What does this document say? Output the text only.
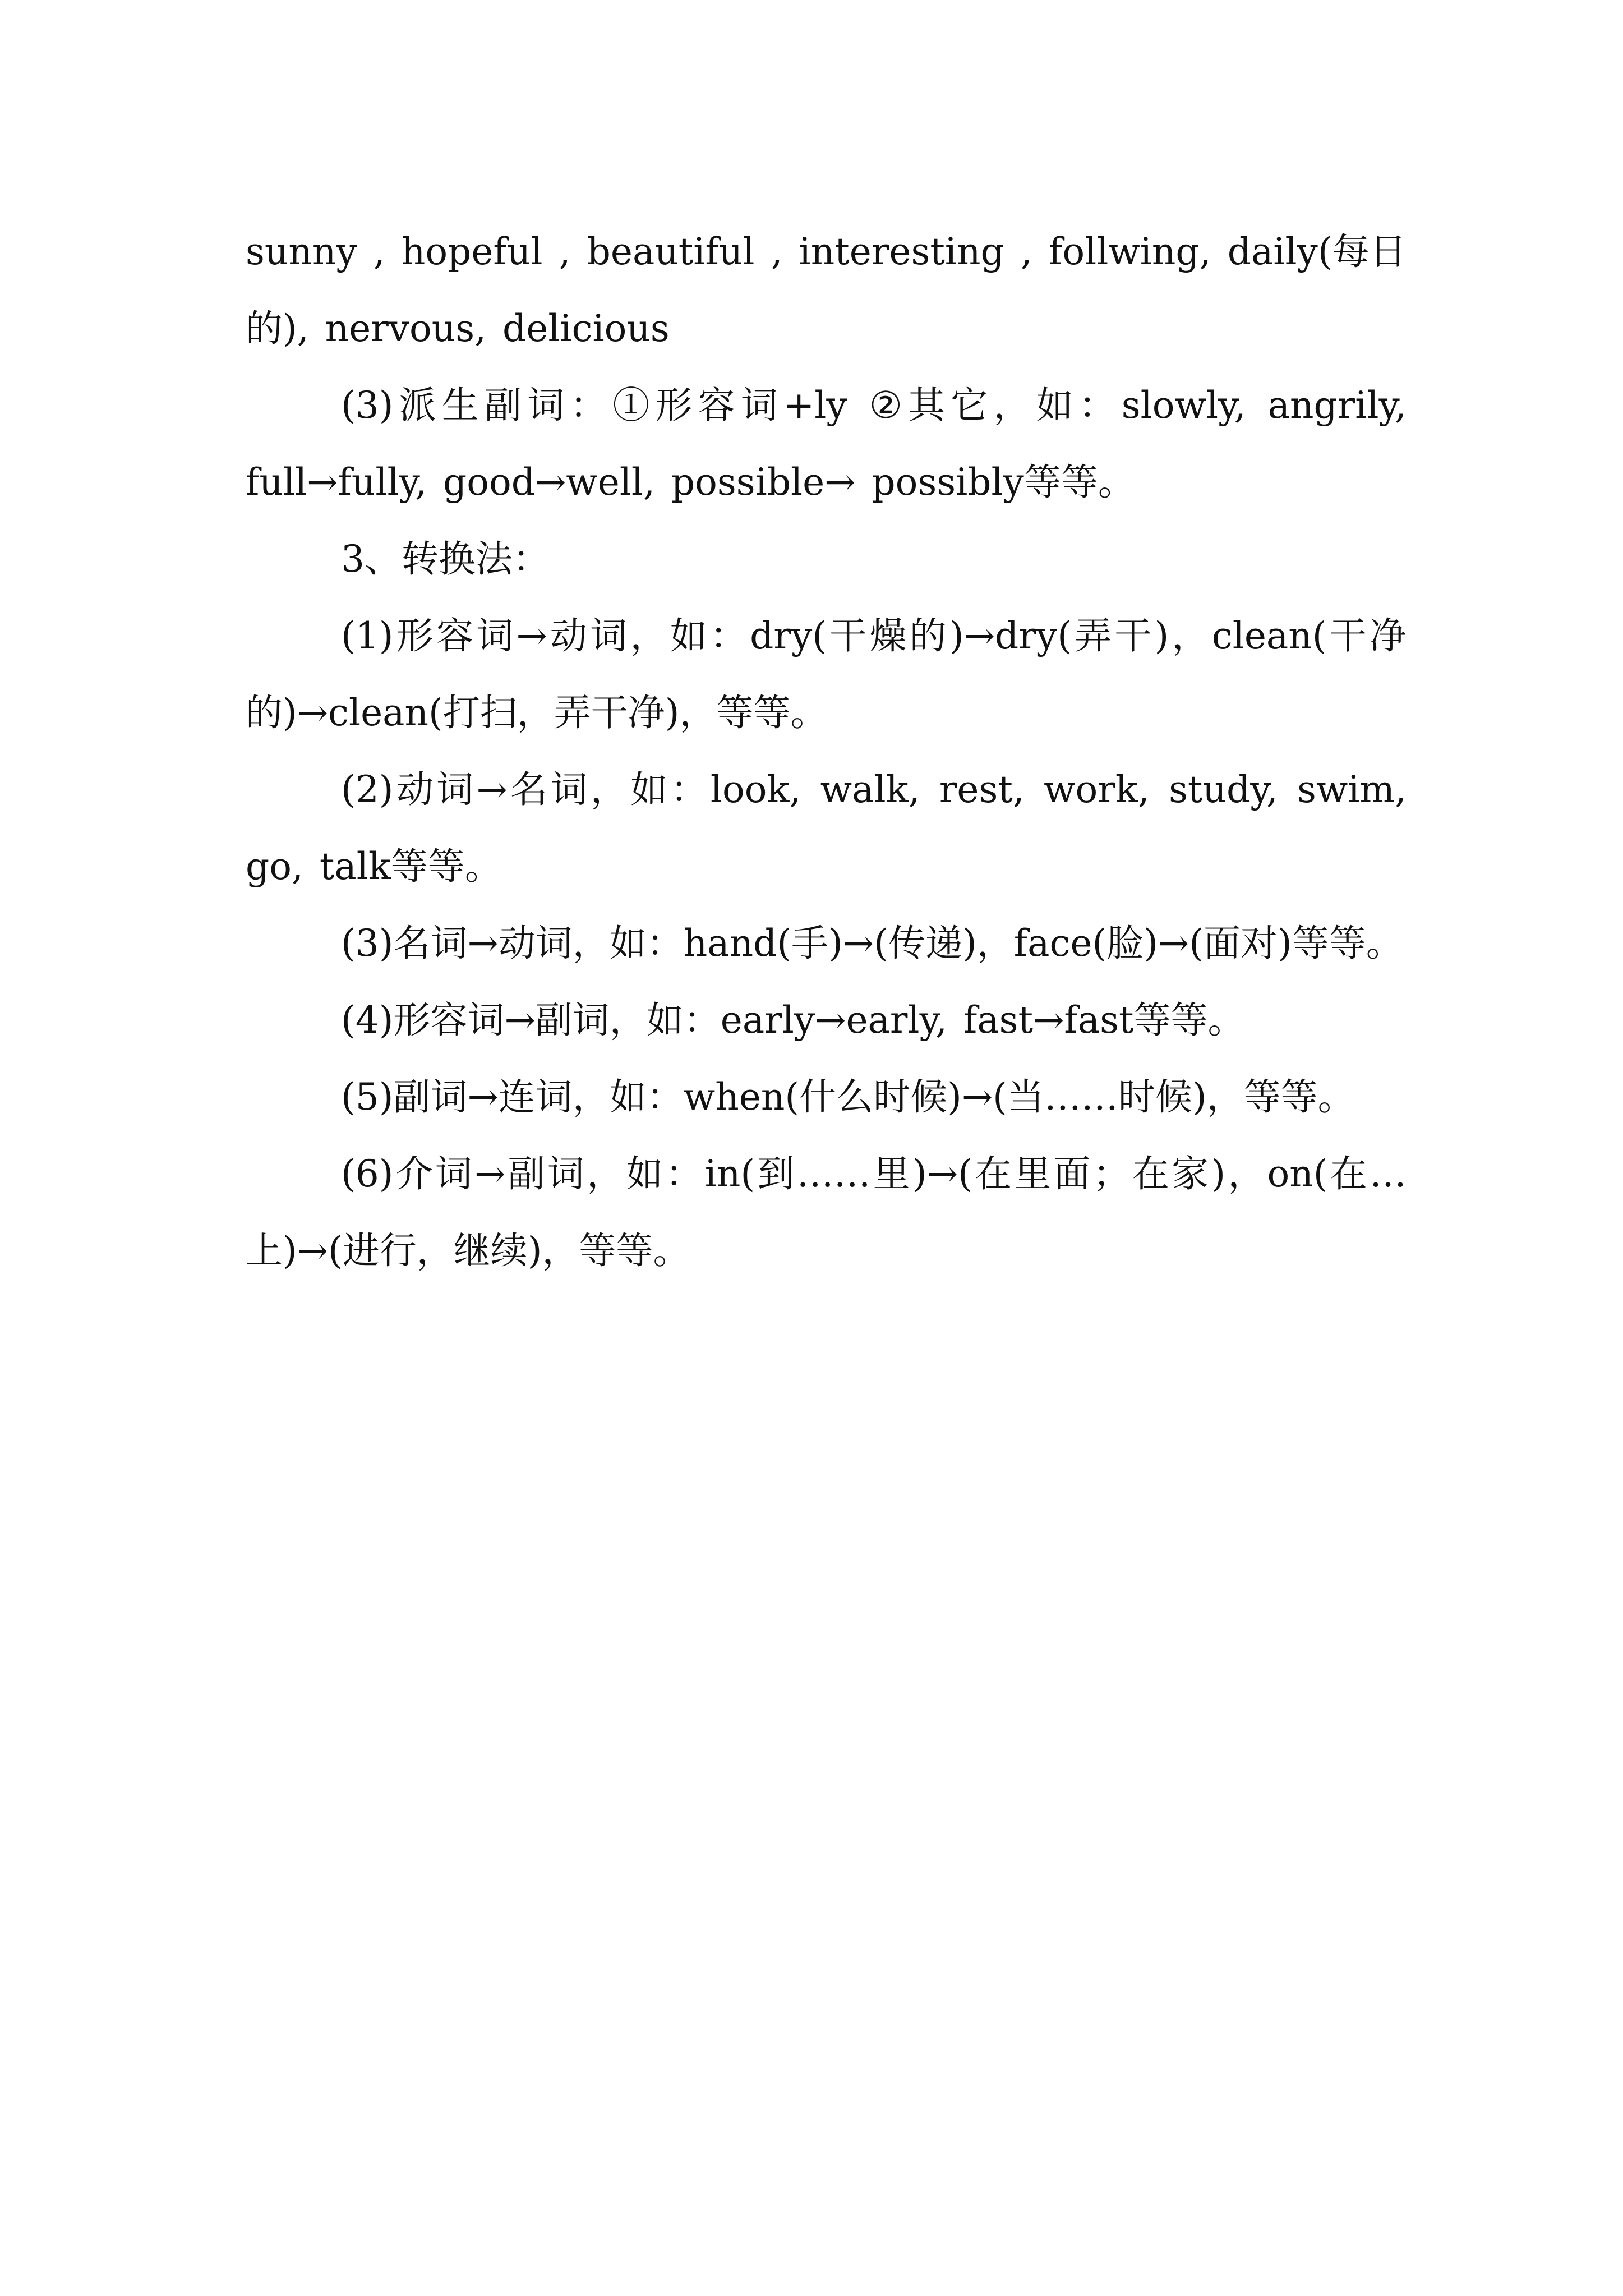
sunny , hopeful , beautiful , interesting , follwing, daily(每日的), nervous, delicious

(3)派生副词：①形容词+ly ②其它，如：slowly, angrily, full→fully, good→well, possible→ possibly等等。

3、转换法：

(1)形容词→动词，如：dry(干燥的)→dry(弄干)，clean(干净的)→clean(打扫，弄干净)，等等。

(2)动词→名词，如：look, walk, rest, work, study, swim, go, talk等等。

(3)名词→动词，如：hand(手)→(传递)，face(脸)→(面对)等等。

(4)形容词→副词，如：early→early, fast→fast等等。

(5)副词→连词，如：when(什么时候)→(当……时候)，等等。

(6)介词→副词，如：in(到……里)→(在里面；在家)，on(在…上)→(进行，继续)，等等。
